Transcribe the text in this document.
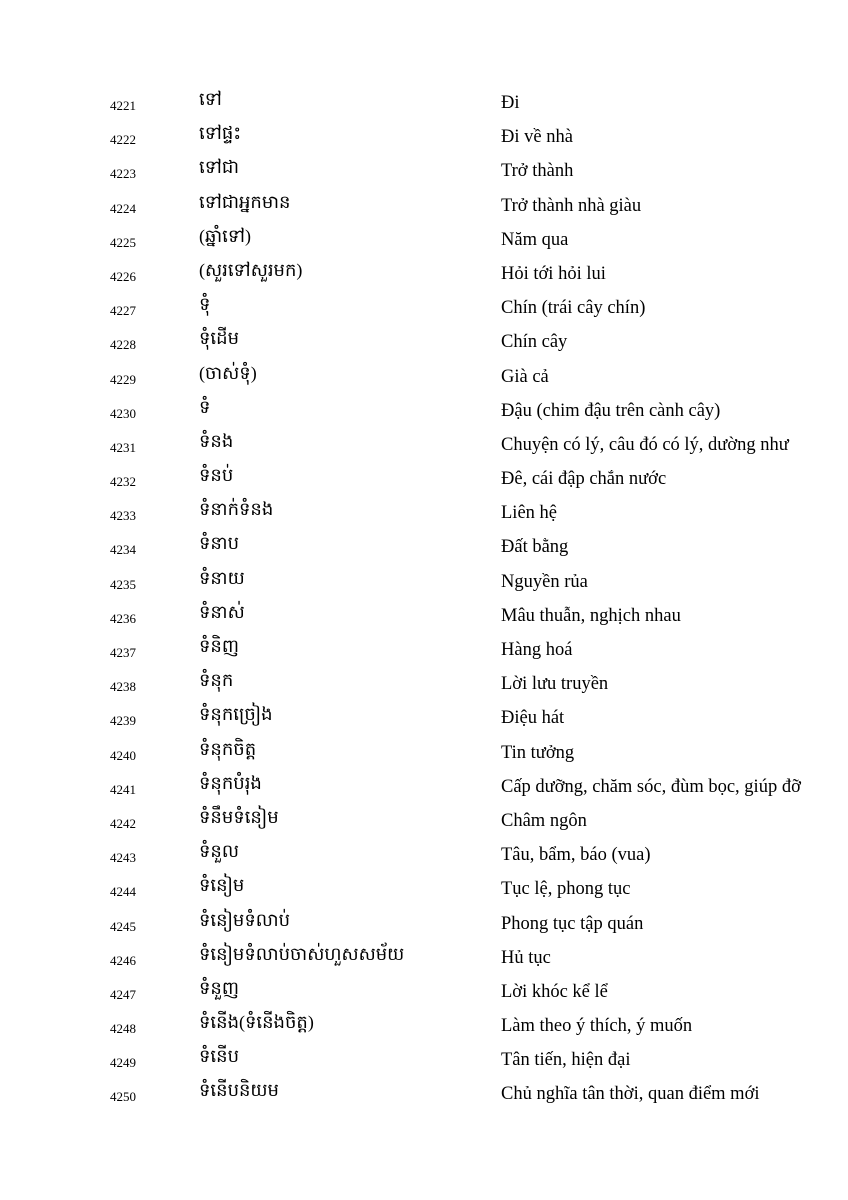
4221	ទៅ	Đi
4222	ទៅផ្ទះ	Đi về nhà
4223	ទៅជា	Trở thành
4224	ទៅជាអ្នកមាន	Trở thành nhà giàu
4225	(ឆ្នាំទៅ)	Năm qua
4226	(សួរទៅសួរមក)	Hỏi tới hỏi lui
4227	ទុំ	Chín (trái cây chín)
4228	ទុំដើម	Chín cây
4229	(ចាស់ទុំ)	Già cả
4230	ទំ	Đậu (chim đậu trên cành cây)
4231	ទំនង	Chuyện có lý, câu đó có lý, dường như
4232	ទំនប់	Đê, cái đập chắn nước
4233	ទំនាក់ទំនង	Liên hệ
4234	ទំនាប	Đất bằng
4235	ទំនាយ	Nguyền rủa
4236	ទំនាស់	Mâu thuẫn, nghịch nhau
4237	ទំនិញ	Hàng hoá
4238	ទំនុក	Lời lưu truyền
4239	ទំនុកច្រៀង	Điệu hát
4240	ទំនុកចិត្ត	Tin tưởng
4241	ទំនុកបំរុង	Cấp dưỡng, chăm sóc, đùm bọc, giúp đỡ
4242	ទំនឹមទំនៀម	Châm ngôn
4243	ទំនួល	Tâu, bẩm, báo (vua)
4244	ទំនៀម	Tục lệ, phong tục
4245	ទំនៀមទំលាប់	Phong tục tập quán
4246	ទំនៀមទំលាប់ចាស់ហួសសម័យ	Hủ tục
4247	ទំនួញ	Lời khóc kể lể
4248	ទំនើង(ទំនើងចិត្ត)	Làm theo ý thích, ý muốn
4249	ទំនើប	Tân tiến, hiện đại
4250	ទំនើបនិយម	Chủ nghĩa tân thời, quan điểm mới
